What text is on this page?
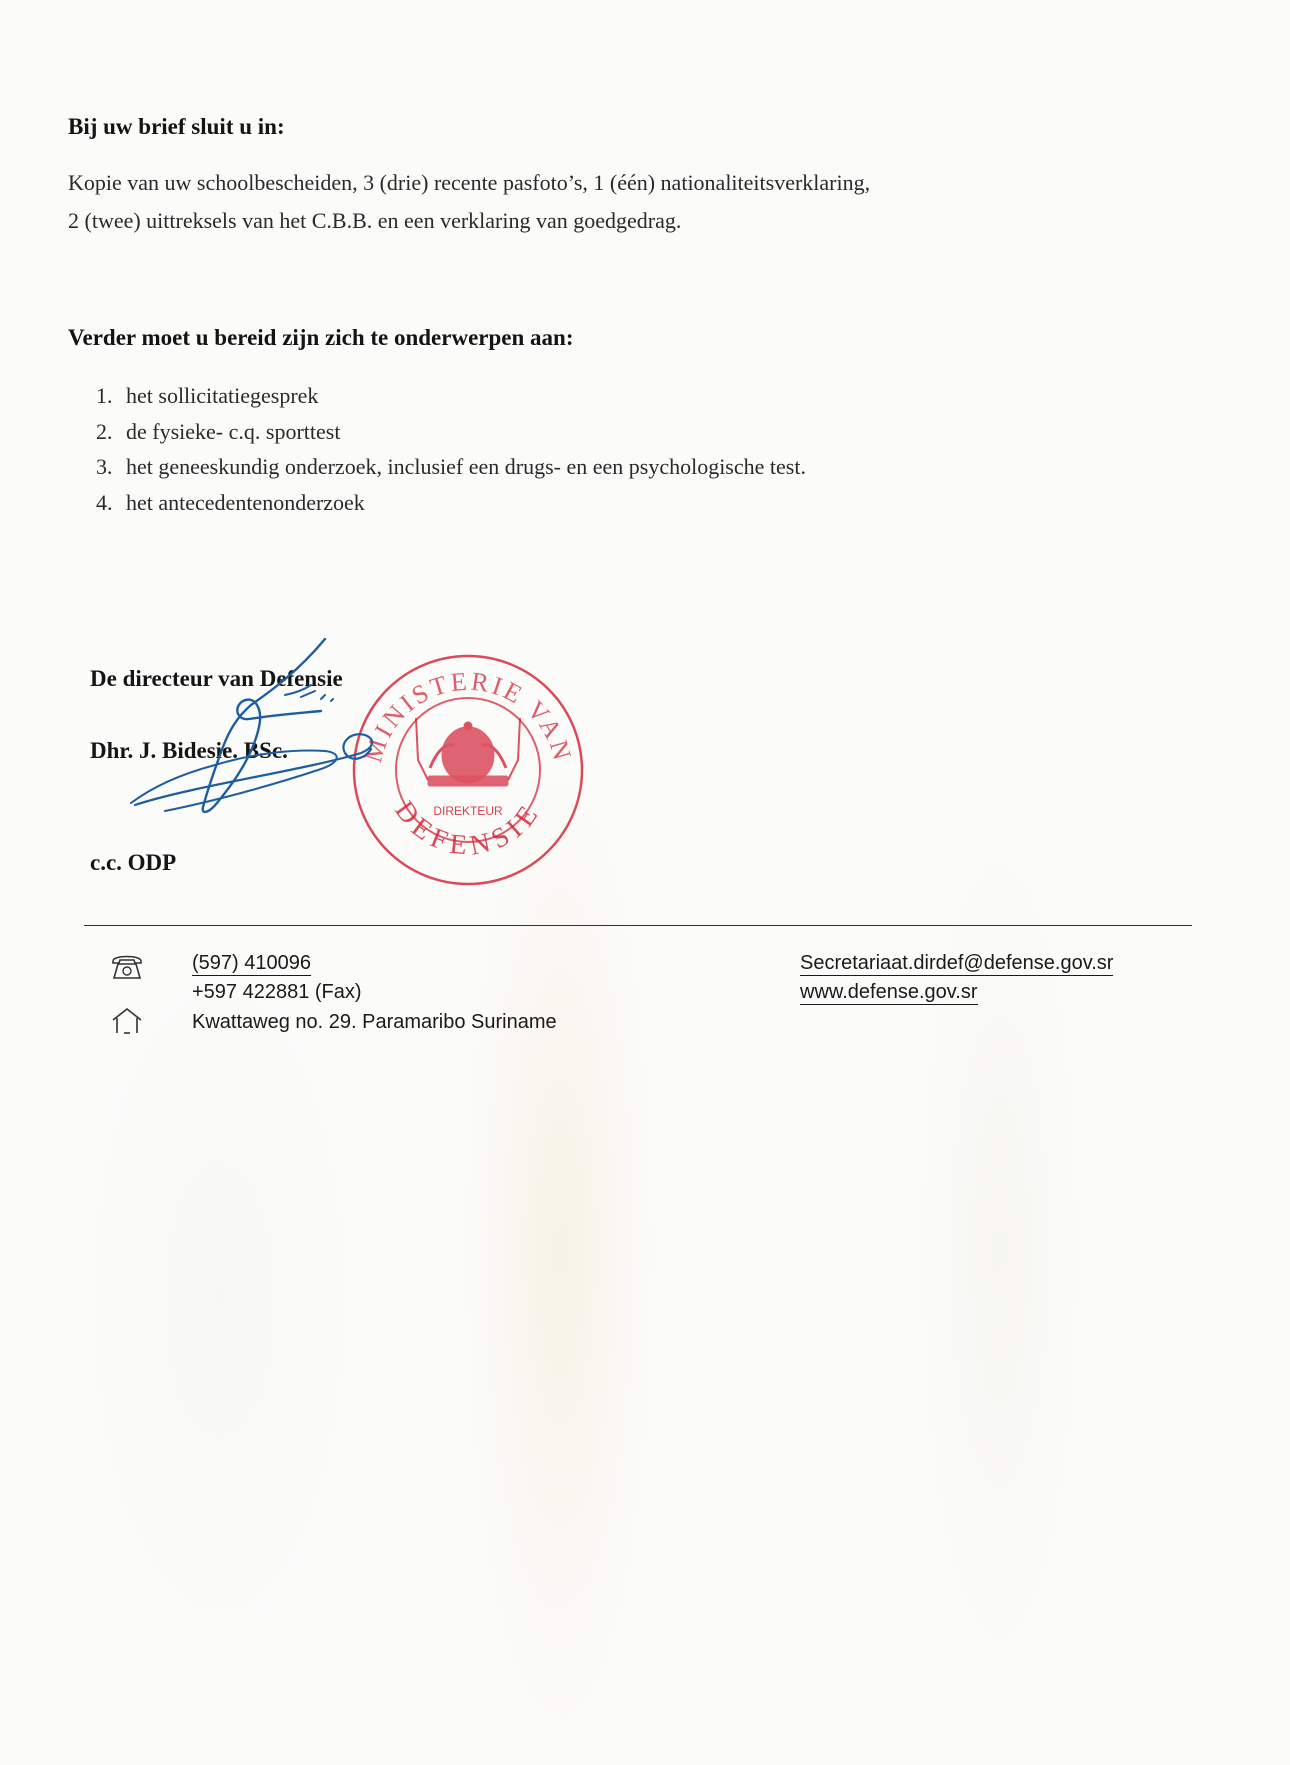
Bij uw brief sluit u in:
Kopie van uw schoolbescheiden, 3 (drie) recente pasfoto’s, 1 (één) nationaliteitsverklaring,
2 (twee) uittreksels van het C.B.B. en een verklaring van goedgedrag.
Verder moet u bereid zijn zich te onderwerpen aan:
1. het sollicitatiegesprek
2. de fysieke- c.q. sporttest
3. het geneeskundig onderzoek, inclusief een drugs- en een psychologische test.
4. het antecedentenonderzoek
De directeur van Defensie
Dhr. J. Bidesie. BSc.
c.c. ODP
MINISTERIE VAN
DEFENSIE
DIREKTEUR
(597) 410096
+597 422881 (Fax)
Kwattaweg no. 29. Paramaribo Suriname
Secretariaat.dirdef@defense.gov.sr
www.defense.gov.sr
